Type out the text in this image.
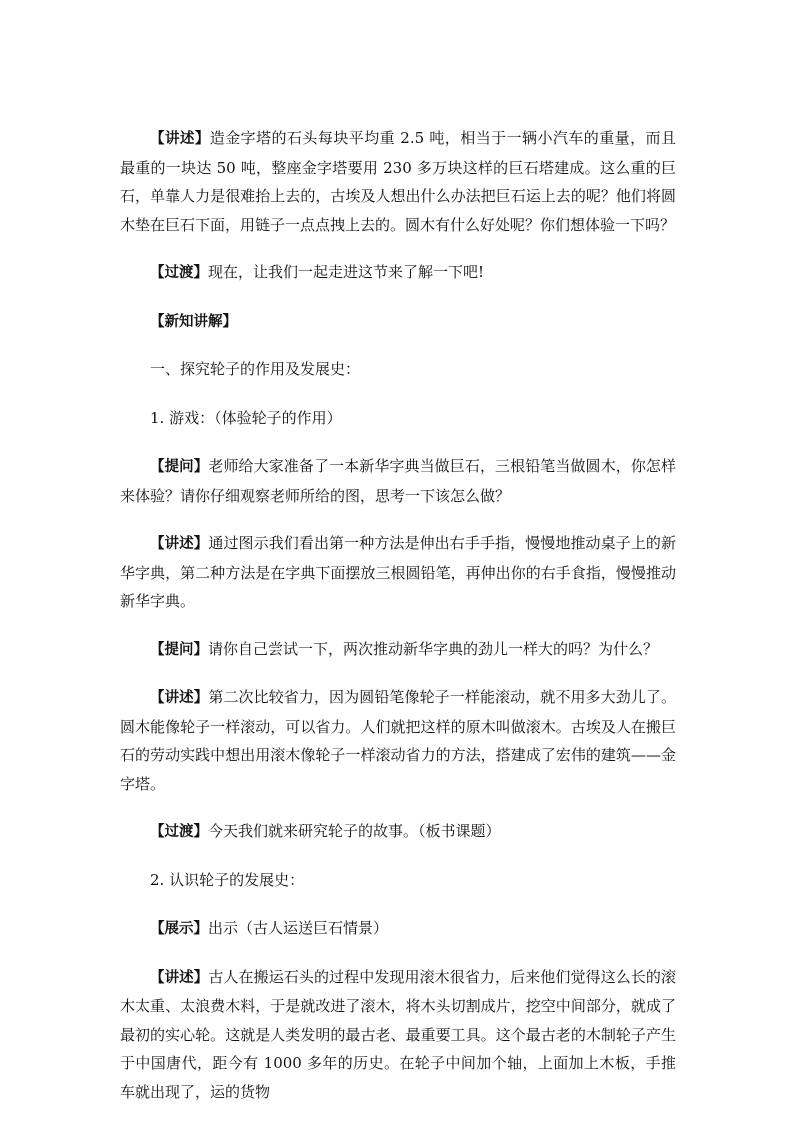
【讲述】造金字塔的石头每块平均重 2.5 吨，相当于一辆小汽车的重量，而且最重的一块达 50 吨，整座金字塔要用 230 多万块这样的巨石塔建成。这么重的巨石，单靠人力是很难抬上去的，古埃及人想出什么办法把巨石运上去的呢？他们将圆木垫在巨石下面，用链子一点点拽上去的。圆木有什么好处呢？你们想体验一下吗？

【过渡】现在，让我们一起走进这节来了解一下吧!

【新知讲解】

一、探究轮子的作用及发展史：

1. 游戏：（体验轮子的作用）

【提问】老师给大家准备了一本新华字典当做巨石，三根铅笔当做圆木，你怎样来体验？请你仔细观察老师所给的图，思考一下该怎么做？

【讲述】通过图示我们看出第一种方法是伸出右手手指，慢慢地推动桌子上的新华字典，第二种方法是在字典下面摆放三根圆铅笔，再伸出你的右手食指，慢慢推动新华字典。

【提问】请你自己尝试一下，两次推动新华字典的劲儿一样大的吗？为什么？

【讲述】第二次比较省力，因为圆铅笔像轮子一样能滚动，就不用多大劲儿了。圆木能像轮子一样滚动，可以省力。人们就把这样的原木叫做滚木。古埃及人在搬巨石的劳动实践中想出用滚木像轮子一样滚动省力的方法，搭建成了宏伟的建筑——金字塔。

【过渡】今天我们就来研究轮子的故事。（板书课题）

2. 认识轮子的发展史：

【展示】出示（古人运送巨石情景）

【讲述】古人在搬运石头的过程中发现用滚木很省力，后来他们觉得这么长的滚木太重、太浪费木料，于是就改进了滚木，将木头切割成片，挖空中间部分，就成了最初的实心轮。这就是人类发明的最古老、最重要工具。这个最古老的木制轮子产生于中国唐代，距今有 1000 多年的历史。在轮子中间加个轴，上面加上木板，手推车就出现了，运的货物
